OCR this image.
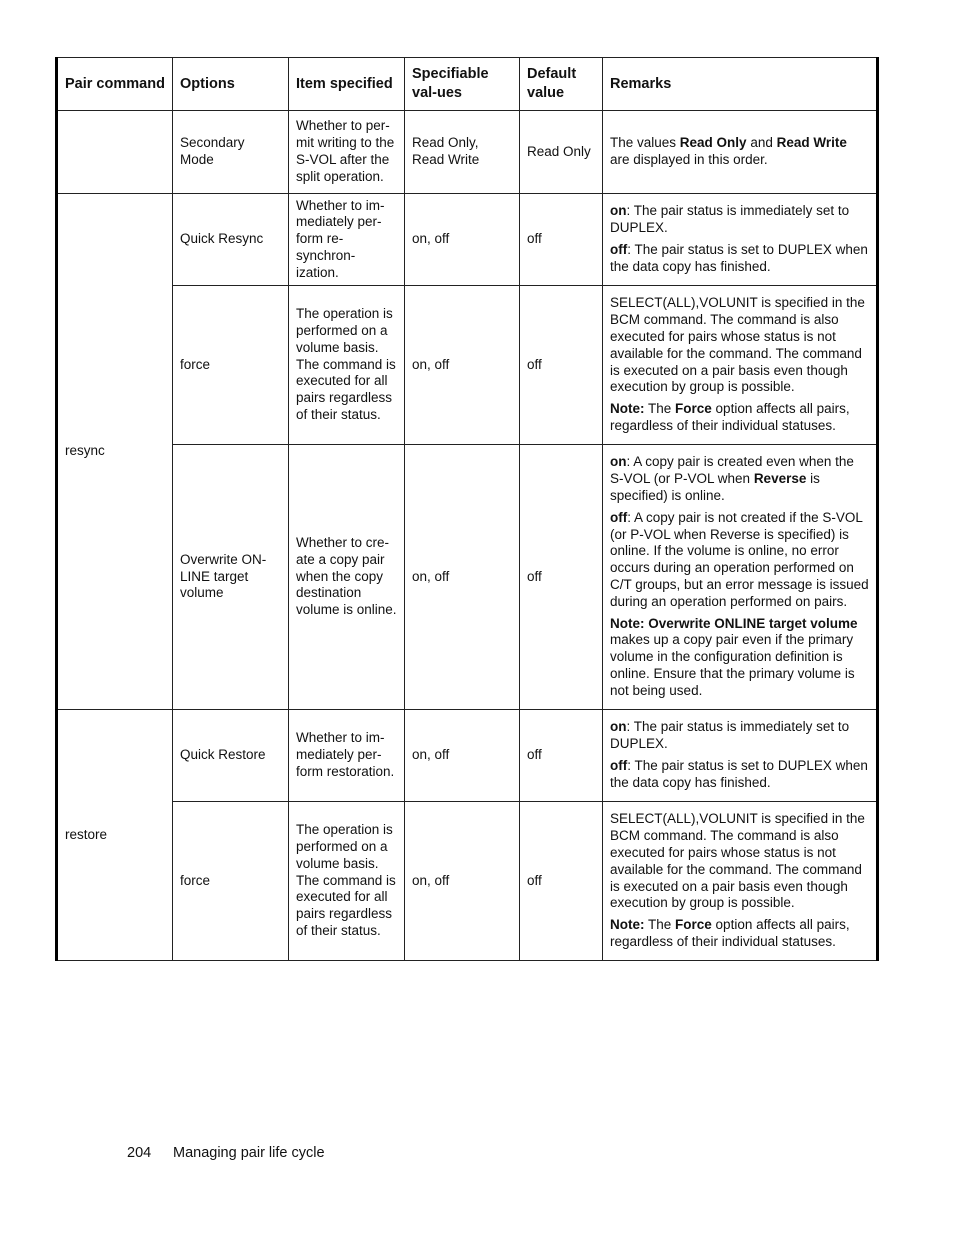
Pair command	Options	Item specified	Specifiable val-ues	Default value	Remarks
	Secondary Mode	Whether to per-mit writing to the S-VOL after the split operation.	Read Only, Read Write	Read Only	The values Read Only and Read Write are displayed in this order.

resync	Quick Resync	Whether to im-mediately per-form re-synchron-ization.	on, off	off	on: The pair status is immediately set to DUPLEX.

off: The pair status is set to DUPLEX when the data copy has finished.

	force	The operation is performed on a volume basis. The command is executed for all pairs regardless of their status.	on, off	off	SELECT(ALL),VOLUNIT is specified in the BCM command. The command is also executed for pairs whose status is not available for the command. The command is executed on a pair basis even though execution by group is possible.

Note: The Force option affects all pairs, regardless of their individual statuses.

	Overwrite ON-LINE target volume	Whether to cre-ate a copy pair when the copy destination volume is online.	on, off	off	on: A copy pair is created even when the S-VOL (or P-VOL when Reverse is specified) is online.

off: A copy pair is not created if the S-VOL (or P-VOL when Reverse is specified) is online. If the volume is online, no error occurs during an operation performed on C/T groups, but an error message is issued during an operation performed on pairs.

Note: Overwrite ONLINE target volume makes up a copy pair even if the primary volume in the configuration definition is online. Ensure that the primary volume is not being used.

restore	Quick Restore	Whether to im-mediately per-form restoration.	on, off	off	on: The pair status is immediately set to DUPLEX.

off: The pair status is set to DUPLEX when the data copy has finished.

	force	The operation is performed on a volume basis. The command is executed for all pairs regardless of their status.	on, off	off	SELECT(ALL),VOLUNIT is specified in the BCM command. The command is also executed for pairs whose status is not available for the command. The command is executed on a pair basis even though execution by group is possible.

Note: The Force option affects all pairs, regardless of their individual statuses.

204 Managing pair life cycle
